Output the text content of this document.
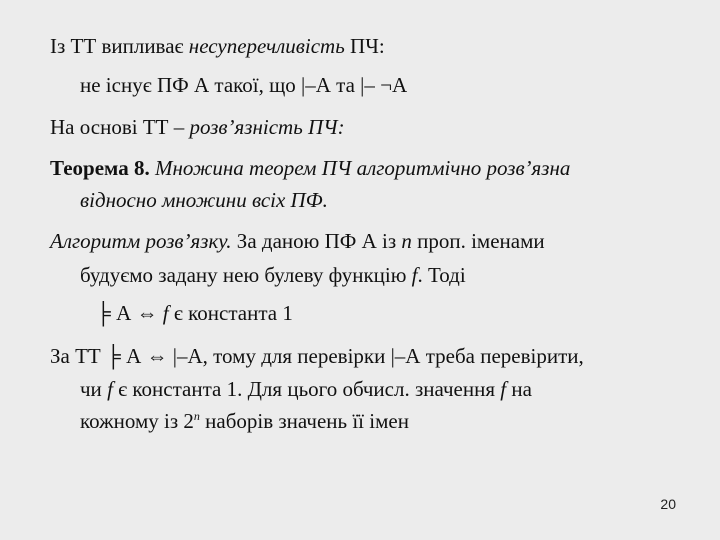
Із ТТ випливає несуперечливість ПЧ:
не існує ПФ А такої, що |–А та |– ¬А
На основі ТТ – розв’язність ПЧ:
Теорема 8. Множина теорем ПЧ алгоритмічно розв’язна
відносно множини всіх ПФ.
Алгоритм розв’язку. За даною ПФ А із n проп. іменами
будуємо задану нею булеву функцію f. Тоді
╞ А ⇔ f є константа 1
За ТТ ╞ А ⇔ |–А, тому для перевірки |–А треба перевірити,
чи f є константа 1. Для цього обчисл. значення f на
кожному із 2$^n$ наборів значень її імен
20
